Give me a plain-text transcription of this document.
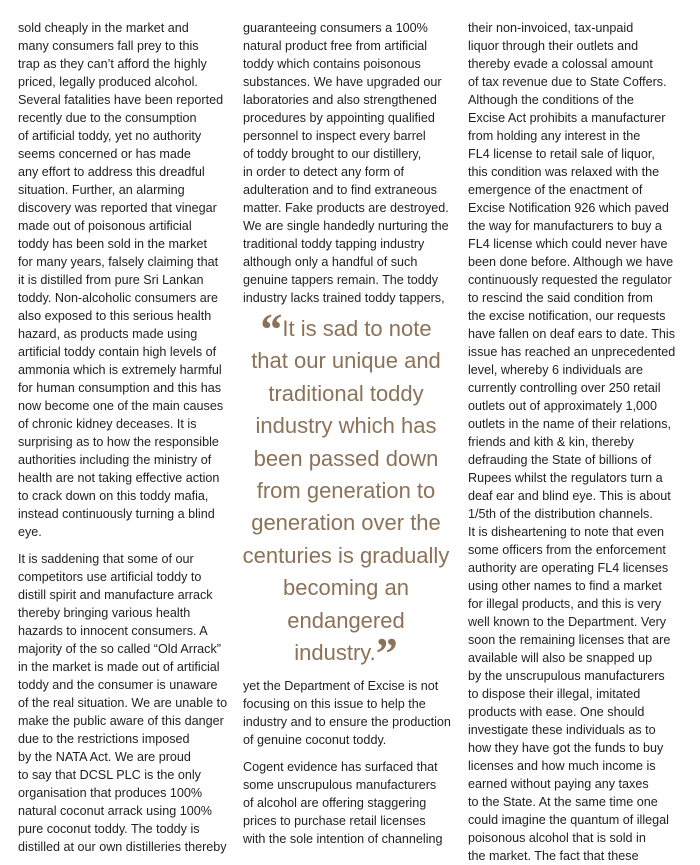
sold cheaply in the market and
many consumers fall prey to this
trap as they can’t afford the highly
priced, legally produced alcohol.
Several fatalities have been reported
recently due to the consumption
of artificial toddy, yet no authority
seems concerned or has made
any effort to address this dreadful
situation. Further, an alarming
discovery was reported that vinegar
made out of poisonous artificial
toddy has been sold in the market
for many years, falsely claiming that
it is distilled from pure Sri Lankan
toddy. Non-alcoholic consumers are
also exposed to this serious health
hazard, as products made using
artificial toddy contain high levels of
ammonia which is extremely harmful
for human consumption and this has
now become one of the main causes
of chronic kidney deceases. It is
surprising as to how the responsible
authorities including the ministry of
health are not taking effective action
to crack down on this toddy mafia,
instead continuously turning a blind
eye.

It is saddening that some of our
competitors use artificial toddy to
distill spirit and manufacture arrack
thereby bringing various health
hazards to innocent consumers. A
majority of the so called “Old Arrack”
in the market is made out of artificial
toddy and the consumer is unaware
of the real situation. We are unable to
make the public aware of this danger
due to the restrictions imposed
by the NATA Act. We are proud
to say that DCSL PLC is the only
organisation that produces 100%
natural coconut arrack using 100%
pure coconut toddy. The toddy is
distilled at our own distilleries thereby

guaranteeing consumers a 100%
natural product free from artificial
toddy which contains poisonous
substances. We have upgraded our
laboratories and also strengthened
procedures by appointing qualified
personnel to inspect every barrel
of toddy brought to our distillery,
in order to detect any form of
adulteration and to find extraneous
matter. Fake products are destroyed.
We are single handedly nurturing the
traditional toddy tapping industry
although only a handful of such
genuine tappers remain. The toddy
industry lacks trained toddy tappers,

“It is sad to note
that our unique and
traditional toddy
industry which has
been passed down
from generation to
generation over the
centuries is gradually
becoming an
endangered
industry.”

yet the Department of Excise is not
focusing on this issue to help the
industry and to ensure the production
of genuine coconut toddy.

Cogent evidence has surfaced that
some unscrupulous manufacturers
of alcohol are offering staggering
prices to purchase retail licenses
with the sole intention of channeling

their non-invoiced, tax-unpaid
liquor through their outlets and
thereby evade a colossal amount
of tax revenue due to State Coffers.
Although the conditions of the
Excise Act prohibits a manufacturer
from holding any interest in the
FL4 license to retail sale of liquor,
this condition was relaxed with the
emergence of the enactment of
Excise Notification 926 which paved
the way for manufacturers to buy a
FL4 license which could never have
been done before. Although we have
continuously requested the regulator
to rescind the said condition from
the excise notification, our requests
have fallen on deaf ears to date. This
issue has reached an unprecedented
level, whereby 6 individuals are
currently controlling over 250 retail
outlets out of approximately 1,000
outlets in the name of their relations,
friends and kith & kin, thereby
defrauding the State of billions of
Rupees whilst the regulators turn a
deaf ear and blind eye. This is about
1/5th of the distribution channels.
It is disheartening to note that even
some officers from the enforcement
authority are operating FL4 licenses
using other names to find a market
for illegal products, and this is very
well known to the Department. Very
soon the remaining licenses that are
available will also be snapped up
by the unscrupulous manufacturers
to dispose their illegal, imitated
products with ease. One should
investigate these individuals as to
how they have got the funds to buy
licenses and how much income is
earned without paying any taxes
to the State. At the same time one
could imagine the quantum of illegal
poisonous alcohol that is sold in
the market. The fact that these
